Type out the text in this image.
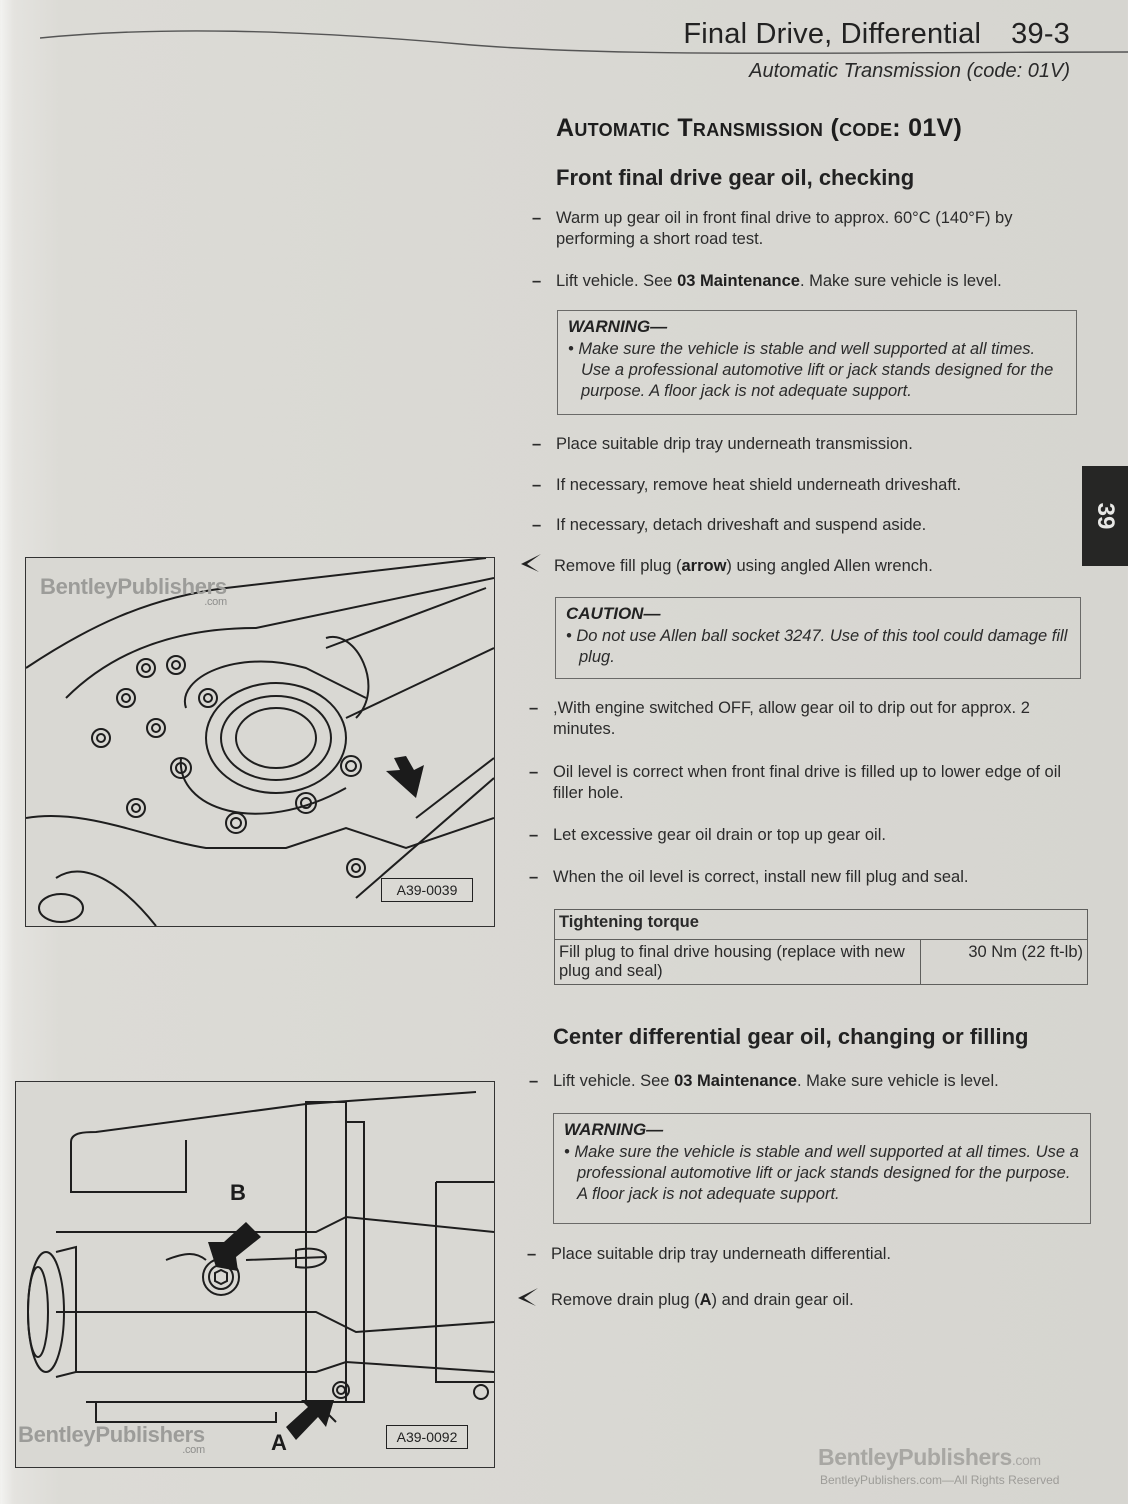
Final Drive, Differential 39-3
Automatic Transmission (code: 01V)
Automatic Transmission (code: 01V)
39
Front final drive gear oil, checking
– Warm up gear oil in front final drive to approx. 60°C (140°F) by performing a short road test.
– Lift vehicle. See 03 Maintenance. Make sure vehicle is level.
WARNING—
• Make sure the vehicle is stable and well supported at all times. Use a professional automotive lift or jack stands designed for the purpose. A floor jack is not adequate support.
– Place suitable drip tray underneath transmission.
– If necessary, remove heat shield underneath driveshaft.
– If necessary, detach driveshaft and suspend aside.
Remove fill plug (arrow) using angled Allen wrench.
CAUTION—
• Do not use Allen ball socket 3247. Use of this tool could damage fill plug.
– ,With engine switched OFF, allow gear oil to drip out for approx. 2 minutes.
– Oil level is correct when front final drive is filled up to lower edge of oil filler hole.
– Let excessive gear oil drain or top up gear oil.
– When the oil level is correct, install new fill plug and seal.
Tightening torque
Fill plug to final drive housing (replace with new plug and seal)	30 Nm (22 ft-lb)
Center differential gear oil, changing or filling
– Lift vehicle. See 03 Maintenance. Make sure vehicle is level.
WARNING—
• Make sure the vehicle is stable and well supported at all times. Use a professional automotive lift or jack stands designed for the purpose. A floor jack is not adequate support.
– Place suitable drip tray underneath differential.
Remove drain plug (A) and drain gear oil.
BentleyPublishers
.com
A39-0039
B
A
BentleyPublishers
.com
A39-0092
BentleyPublishers.com
BentleyPublishers.com—All Rights Reserved
